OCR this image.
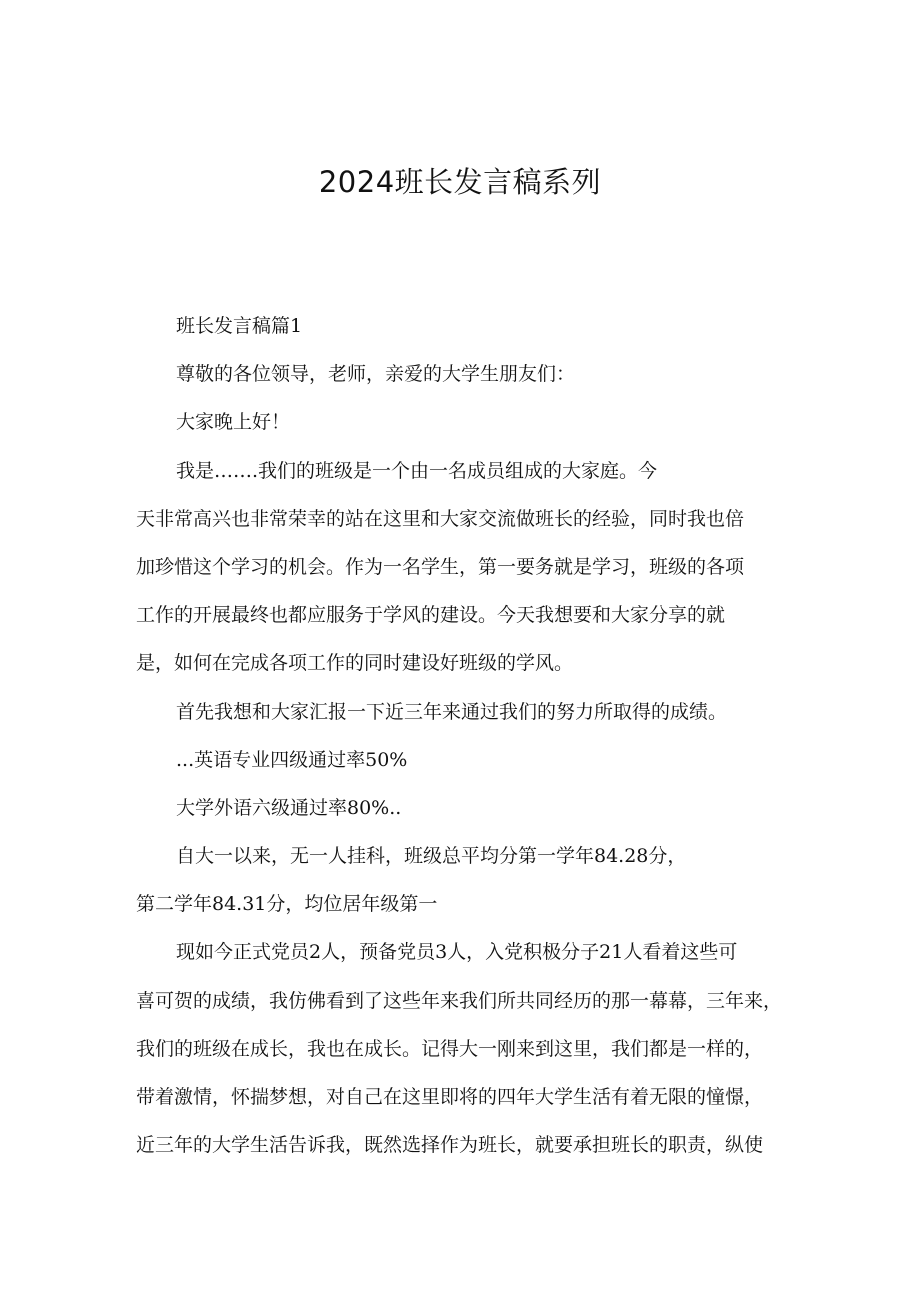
2024班长发言稿系列
班长发言稿篇1
尊敬的各位领导，老师，亲爱的大学生朋友们：
大家晚上好！
我是…….我们的班级是一个由一名成员组成的大家庭。今
天非常高兴也非常荣幸的站在这里和大家交流做班长的经验，同时我也倍
加珍惜这个学习的机会。作为一名学生，第一要务就是学习，班级的各项
工作的开展最终也都应服务于学风的建设。今天我想要和大家分享的就
是，如何在完成各项工作的同时建设好班级的学风。
首先我想和大家汇报一下近三年来通过我们的努力所取得的成绩。
...英语专业四级通过率50%
大学外语六级通过率80%..
自大一以来，无一人挂科，班级总平均分第一学年84.28分，
第二学年84.31分，均位居年级第一
现如今正式党员2人，预备党员3人，入党积极分子21人看着这些可
喜可贺的成绩，我仿佛看到了这些年来我们所共同经历的那一幕幕，三年来，
我们的班级在成长，我也在成长。记得大一刚来到这里，我们都是一样的，
带着激情，怀揣梦想，对自己在这里即将的四年大学生活有着无限的憧憬，
近三年的大学生活告诉我，既然选择作为班长，就要承担班长的职责，纵使
